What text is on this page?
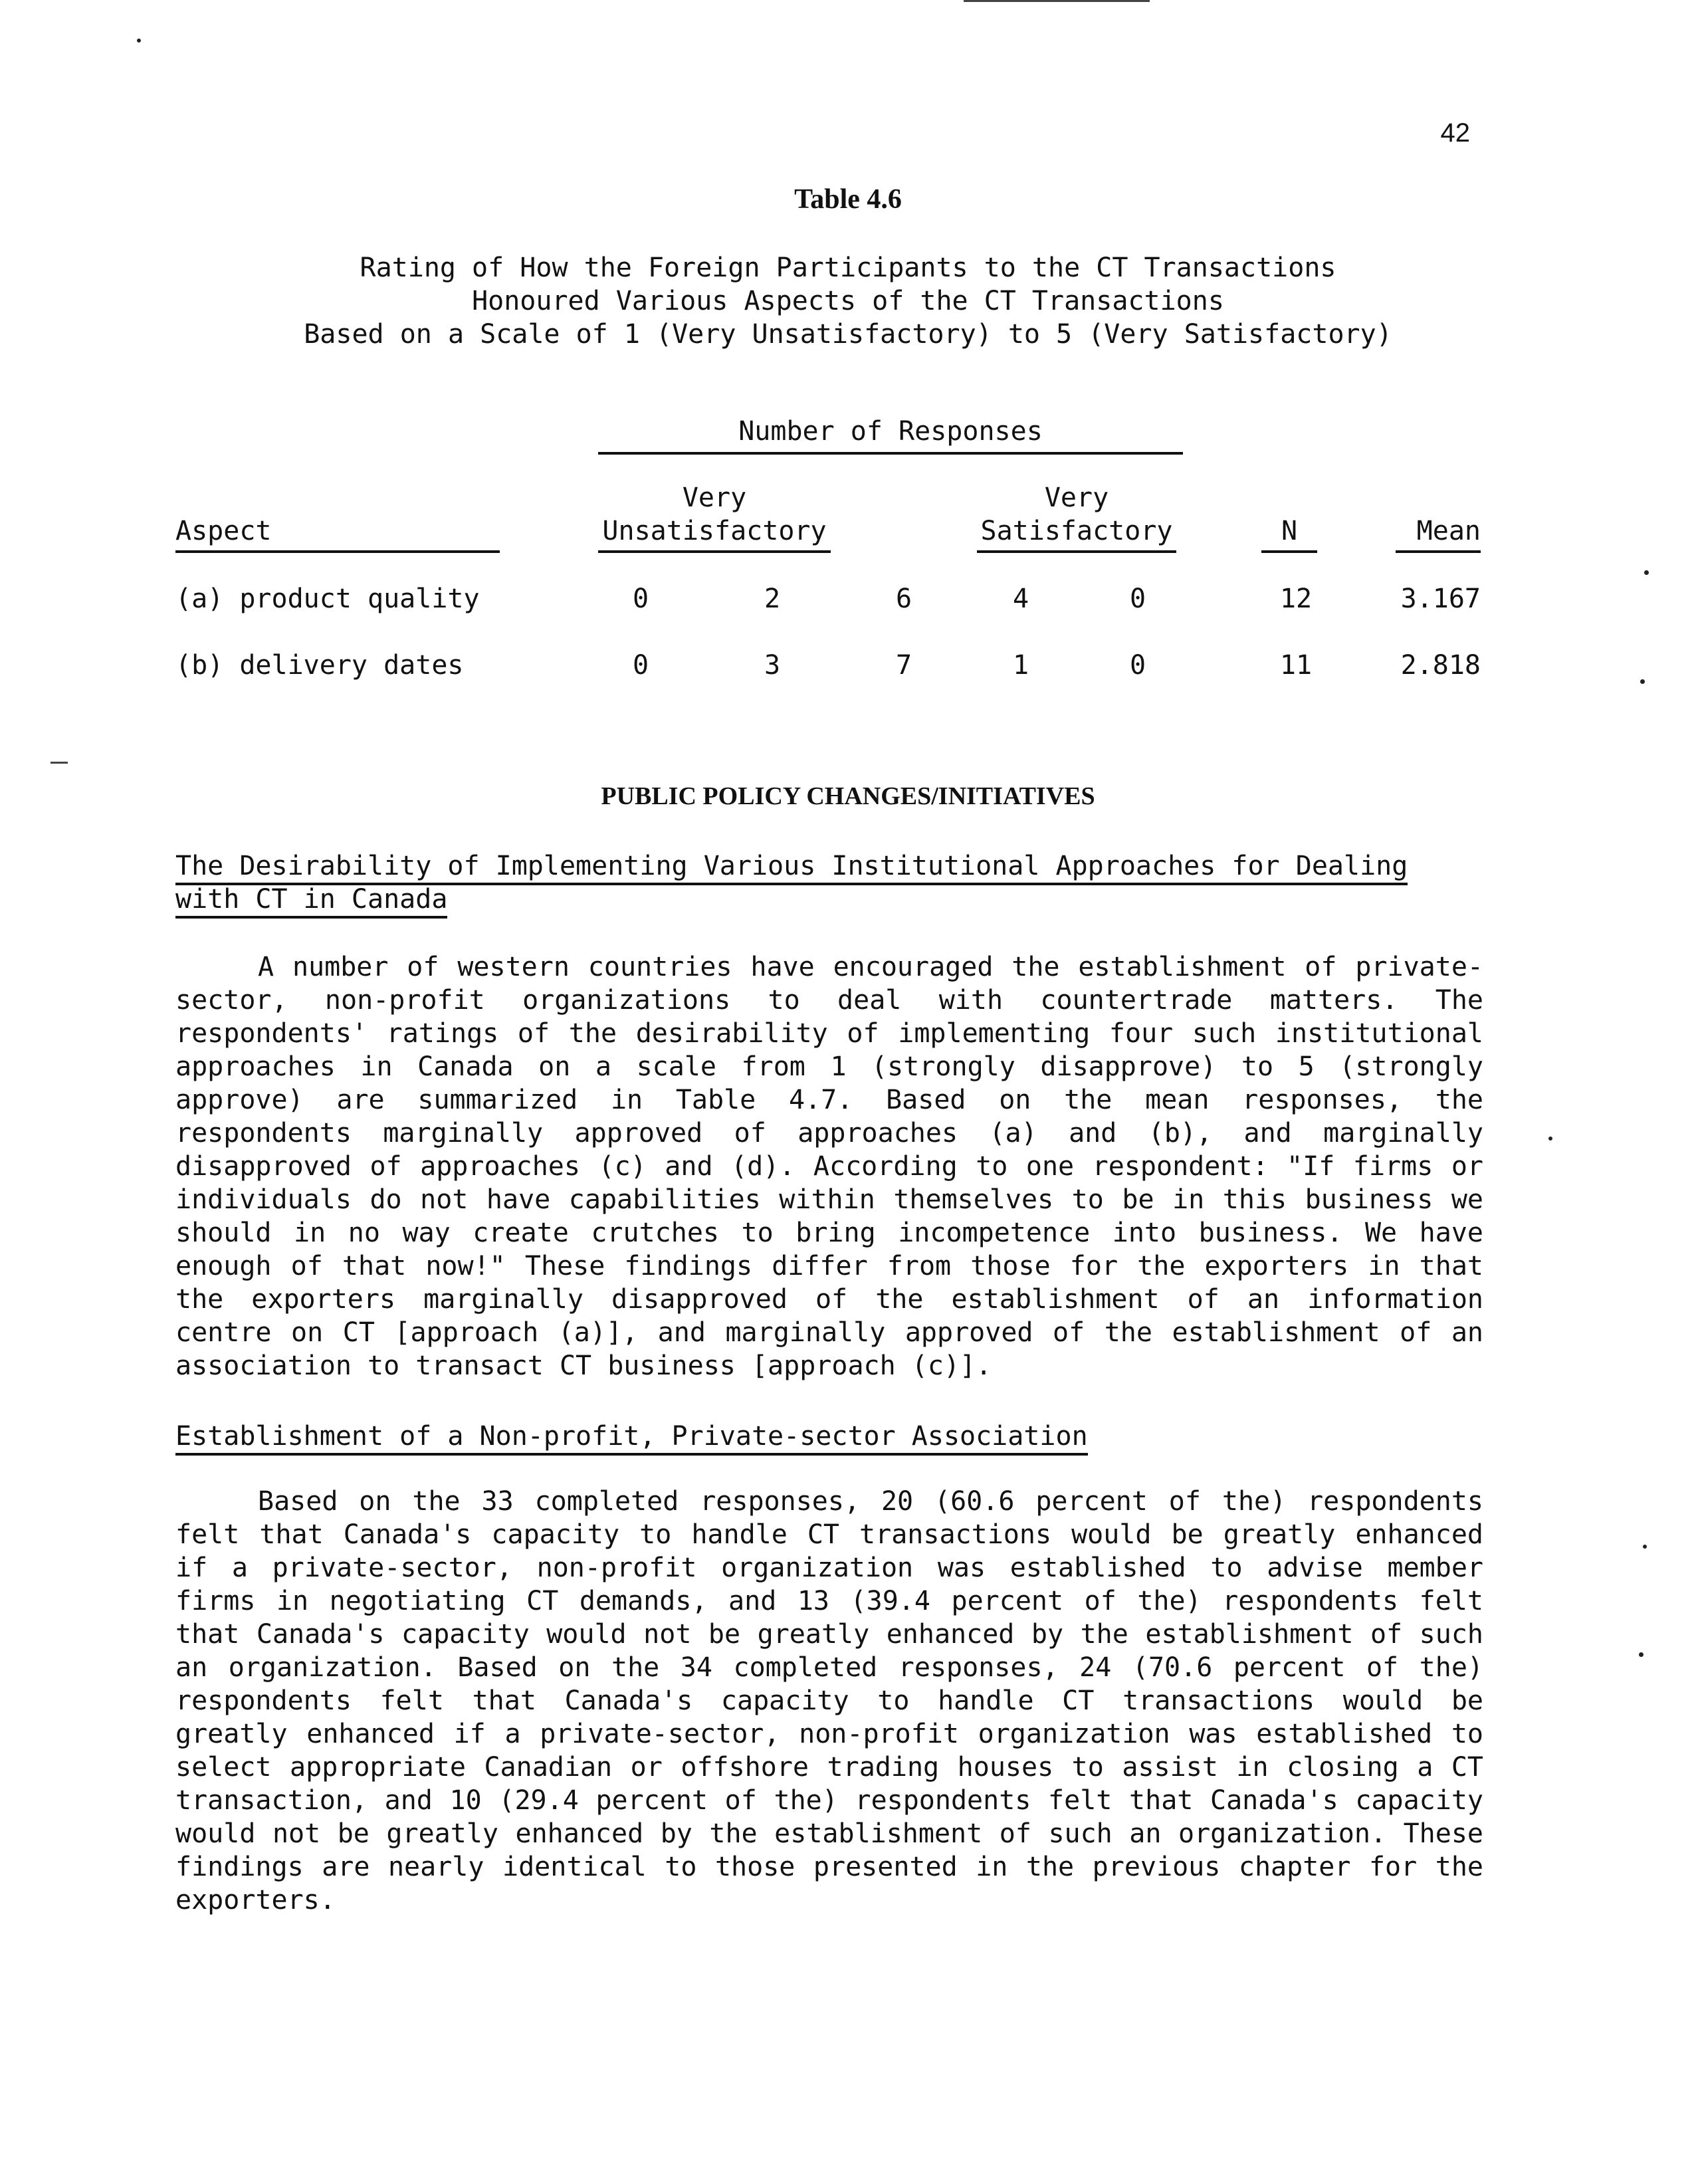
42
Table 4.6
Rating of How the Foreign Participants to the CT Transactions
Honoured Various Aspects of the CT Transactions
Based on a Scale of 1 (Very Unsatisfactory) to 5 (Very Satisfactory)
Number of Responses
Very	Very
Aspect	Unsatisfactory	Satisfactory	N	Mean
(a) product quality	0	2	6	4	0	12	3.167
(b) delivery dates	0	3	7	1	0	11	2.818
PUBLIC POLICY CHANGES/INITIATIVES
The Desirability of Implementing Various Institutional Approaches for Dealing
with CT in Canada

A number of western countries have encouraged the establishment of private-sector, non-profit organizations to deal with countertrade matters. The respondents' ratings of the desirability of implementing four such institutional approaches in Canada on a scale from 1 (strongly disapprove) to 5 (strongly approve) are summarized in Table 4.7. Based on the mean responses, the respondents marginally approved of approaches (a) and (b), and marginally disapproved of approaches (c) and (d). According to one respondent: "If firms or individuals do not have capabilities within themselves to be in this business we should in no way create crutches to bring incompetence into business. We have enough of that now!" These findings differ from those for the exporters in that the exporters marginally disapproved of the establishment of an information centre on CT [approach (a)], and marginally approved of the establishment of an association to transact CT business [approach (c)].

Establishment of a Non-profit, Private-sector Association

Based on the 33 completed responses, 20 (60.6 percent of the) respondents felt that Canada's capacity to handle CT transactions would be greatly enhanced if a private-sector, non-profit organization was established to advise member firms in negotiating CT demands, and 13 (39.4 percent of the) respondents felt that Canada's capacity would not be greatly enhanced by the establishment of such an organization. Based on the 34 completed responses, 24 (70.6 percent of the) respondents felt that Canada's capacity to handle CT transactions would be greatly enhanced if a private-sector, non-profit organization was established to select appropriate Canadian or offshore trading houses to assist in closing a CT transaction, and 10 (29.4 percent of the) respondents felt that Canada's capacity would not be greatly enhanced by the establishment of such an organization. These findings are nearly identical to those presented in the previous chapter for the exporters.
